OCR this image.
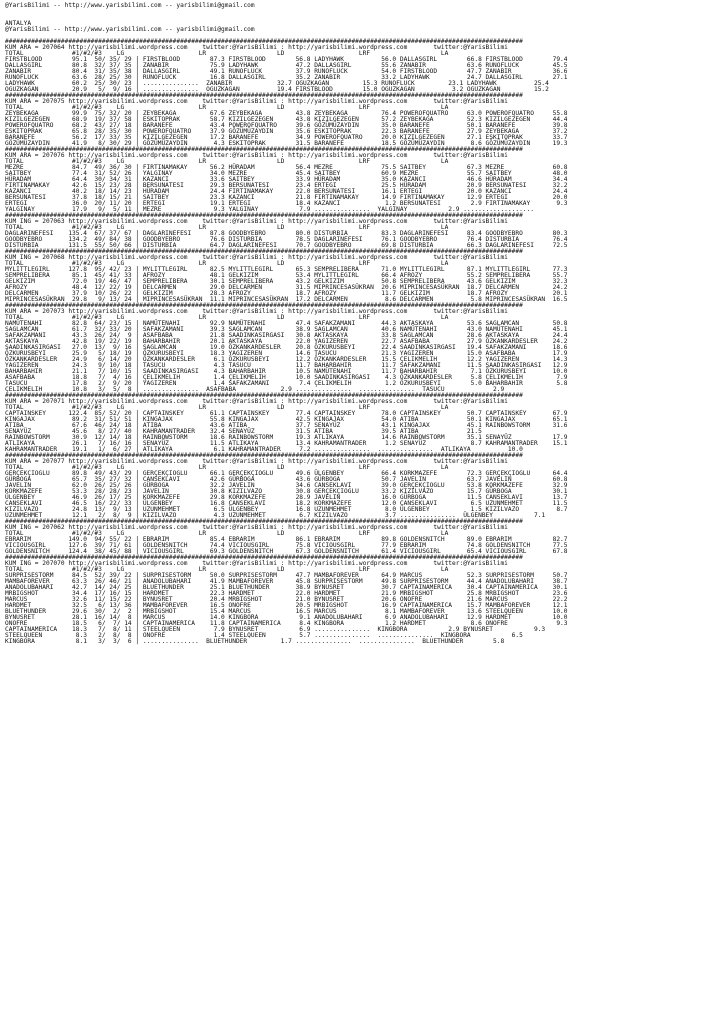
@YarisBilimi -- http://www.yarisbilimi.com -- yarisbilimi@gmail.com

ANTALYA
@YarisBilimi -- http://www.yarisbilimi.com -- yarisbilimi@gmail.com

###########################################################################################################################################
KUM ARA = 207064 http://yarisbilimi.wordpress.com    twitter:@YarisBilimi : http://yarisbilimi.wordpress.com       twitter:@YarisBilimi
TOTAL             #1/#2/#3    LG                    LR                   LD                    LRF                   LA
FIRSTBLOOD        95.1  50/ 35/ 29 | FIRSTBLOOD        87.3 FIRSTBLOOD        56.8 LADYHAWK          56.0 DALLASGIRL        66.8 FIRSTBLOOD        79.4
DALLASGIRL        80.8  32/ 37/ 35 | ZANABIR           75.9 LADYHAWK          47.2 DALLASGIRL        55.6 ZANABIR           63.6 RUNOFLUCK         45.5
ZANABIR           80.4  31/ 35/ 38 | DALLASGIRL        49.1 RUNOFLUCK         37.9 RUNOFLUCK         54.0 FIRSTBLOOD        47.7 ZANABIR           36.6
RUNOFLUCK         63.6  28/ 25/ 30 | RUNOFLUCK         16.8 DALLASGIRL        35.2 ZANABIR           33.2 LADYHAWK          24.7 DALLASGIRL        27.1
LADYHAWK          60.2  25/ 30/ 23 | ...............  ZANABIR            32.7 OGUZKAGAN         15.3 RUNOFLUCK         23.1 LADYHAWK          25.4
OGUZKAGAN         20.9   5/  9/ 16 | ...............  OGUZKAGAN          19.4 FIRSTBLOOD        15.0 OGUZKAGAN          3.2 OGUZKAGAN         15.2
###########################################################################################################################################
KUM ARA = 207075 http://yarisbilimi.wordpress.com    twitter:@YarisBilimi : http://yarisbilimi.wordpress.com       twitter:@YarisBilimi
TOTAL             #1/#2/#3    LG                    LR                   LD                    LRF                   LA
ZEYBEKAGA         99.9  75/ 32/ 20 | ZEYBEKAGA         67.6 ZEYBEKAGA         43.8 ZEYBEKAGA         76.4 POWEROFQUATRO     63.0 POWEROFQUATRO     55.8
KIZILGEZEGEN      68.9  19/ 37/ 58 | ESKITOPRAK        58.7 KIZILGEZEGEN      43.8 KIZILGEZEGEN      57.2 ZEYBEKAGA         52.3 KIZILGEZEGEN      44.4
POWEROFQUATRO     68.2  43/ 27/ 18 | BARANEFE          43.4 POWEROFQUATRO     39.6 GÖZÜMÜZAYDIN      35.0 BARANEFE          50.1 BARANEFE          39.8
ESKITOPRAK        65.8  28/ 35/ 30 | POWEROFQUATRO     37.9 GÖZÜMÜZAYDIN      35.6 ESKITOPRAK        22.3 BARANEFE          27.9 ZEYBEKAGA         37.2
BARANEFE          56.2  17/ 33/ 35 | KIZILGEZEGEN      17.2 BARANEFE          34.9 POWEROFQUATRO     20.0 KIZILGEZEGEN      27.1 ESKITOPRAK        33.7
GÖZÜMÜZAYDIN      41.9   8/ 30/ 29 | GÖZÜMÜZAYDIN       4.3 ESKITOPRAK        31.5 BARANEFE          18.5 GÖZÜMÜZAYDIN       8.6 GÖZÜMÜZAYDIN      19.3
###########################################################################################################################################
KUM ARA = 207076 http://yarisbilimi.wordpress.com    twitter:@YarisBilimi : http://yarisbilimi.wordpress.com       twitter:@YarisBilimi
TOTAL             #1/#2/#3    LG                    LR                   LD                    LRF                   LA
MEZRE             84.7  49/ 36/ 30 | FIRTINAMAKAY      56.2 HÜRADAM           56.4 MEZRE             75.5 SAITBEY           67.3 MEZRE             60.8
SAITBEY           77.4  31/ 52/ 26 | YALGINAY          34.0 MEZRE             45.4 SAITBEY           60.9 MEZRE             55.7 SAITBEY           48.0
HÜRADAM           64.4  30/ 34/ 31 | KAZANCI           33.6 SAITBEY           33.9 HÜRADAM           35.0 KAZANCI           46.6 HÜRADAM           34.4
FIRTINAMAKAY      42.6  15/ 23/ 28 | BERSUNATESI       29.3 BERSUNATESI       23.4 ERTEGI            25.5 HÜRADAM           20.9 BERSUNATESI       32.2
KAZANCI           40.2  18/ 14/ 23 | HÜRADAM           24.4 FIRTINAMAKAY      22.0 BERSUNATESI       16.1 ERTEGI            20.0 KAZANCI           24.4
BERSUNATESI       37.8  18/ 15/ 21 | SAITBEY           23.3 KAZANCI           21.8 FIRTINAMAKAY      14.9 FIRTINAMAKAY      12.9 ERTEGI            20.0
ERTEGI            36.0  20/ 11/ 20 | ERTEGI            19.1 ERTEGI            18.4 KAZANCI            1.2 BERSUNATESI        2.9 FIRTINAMAKAY       9.3
YALGINAY          17.9   9/  5/ 11 | MEZRE              9.3 YALGINAY           7.9 ...............  YALGINAY           2.9 ...................
###########################################################################################################################################
KUM ING = 207063 http://yarisbilimi.wordpress.com    twitter:@YarisBilimi : http://yarisbilimi.wordpress.com       twitter:@YarisBilimi
TOTAL             #1/#2/#3    LG                    LR                   LD                    LRF                   LA
DAGLARINEFESI    135.4  67/ 37/ 67 | DAGLARINEFESI     87.8 GOODBYEBRO        80.0 DISTURBIA         83.3 DAGLARINEFESI     83.4 GOODBYEBRO        80.3
GOODBYEBRO       134.2  49/ 84/ 38 | GOODBYEBRO        76.6 DISTURBIA         78.5 DAGLARINEFESI     76.1 GOODBYEBRO        76.4 DISTURBIA         76.4
DISTURBIA        131.5  55/ 50/ 66 | DISTURBIA         64.7 DAGLARINEFESI     70.7 GOODBYEBRO        69.8 DISTURBIA         66.3 DAGLARINEFESI     72.5
###########################################################################################################################################
KUM ING = 207068 http://yarisbilimi.wordpress.com    twitter:@YarisBilimi : http://yarisbilimi.wordpress.com       twitter:@YarisBilimi
TOTAL             #1/#2/#3    LG                    LR                   LD                    LRF                   LA
MYLITTLEGIRL     127.8  95/ 42/ 23 | MYLITTLEGIRL      82.5 MYLITTLEGIRL      65.3 SEMPRELIBERA      71.0 MYLITTLEGIRL      87.1 MYLITTLEGIRL      77.3
SEMPRELIBERA      85.1  45/ 41/ 33 | AFROZY            48.1 GELKIZIM          53.4 MYLITTLEGIRL      66.4 AFROZY            55.2 SEMPRELIBERA      55.7
GELKIZIM          72.0  19/ 46/ 47 | SEMPRELIBERA      30.1 SEMPRELIBERA      43.2 GELKIZIM          50.8 SEMPRELIBERA      43.6 GELKIZIM          32.3
AFROZY            48.4  12/ 22/ 19 | DELCARMEN         29.0 DELCARMEN         31.5 MIPRINCESASÜKRAN  20.6 MIPRINCESASÜKRAN  18.7 DELCARMEN         24.2
DELCARMEN         37.9  10/ 26/ 22 | GELKIZIM          28.3 AFROZY            18.7 AFROZY            11.7 GELKIZIM          18.7 AFROZY            20.1
MIPRINCESASÜKRAN  29.8   9/ 13/ 24 | MIPRINCESASÜKRAN  11.1 MIPRINCESASÜKRAN  17.2 DELCARMEN          8.6 DELCARMEN          5.8 MIPRINCESASÜKRAN  16.5
###########################################################################################################################################
KUM ARA = 207073 http://yarisbilimi.wordpress.com    twitter:@YarisBilimi : http://yarisbilimi.wordpress.com       twitter:@YarisBilimi
TOTAL             #1/#2/#3    LG                    LR                   LD                    LRF                   LA
NAMÜTENAHI        82.8  64/ 23/ 15 | NAMÜTENAHI        92.9 NAMÜTENAHI        47.4 SAFAKZAMANI       44.3 AKTASKAYA         53.6 SAGLAMCAN         50.8
SAGLAMCAN         61.7  32/ 33/ 20 | SAFAKZAMANI       39.3 SAGLAMCAN         38.9 SAGLAMCAN         40.6 NAMÜTENAHI        43.0 NAMÜTENAHI        45.1
SAFAKZAMANI       43.3  26/ 24/  9 | ASAFBABA          21.8 SAADINKASIRGASI   30.8 AKTASKAYA         33.8 SAGLAMCAN         28.6 AKTASKAYA         24.4
AKTASKAYA         42.8  19/ 22/ 19 | BAHARBAHIR        20.1 AKTASKAYA         22.0 YAGIZEREN         22.7 ASAFBABA          27.9 ÖZKANKARDESLER    24.2
SAADINKASIRGASI   27.0  13/  9/ 16 | SAGLAMCAN         19.0 ÖZKANKARDESLER    20.8 ÖZKURUSBEYI       22.4 SAADINKASIRGASI   19.4 SAFAKZAMANI       18.6
ÖZKURUSBEYI       25.9   5/ 18/ 19 | ÖZKURUSBEYI       18.3 YAGIZEREN         14.6 TASUCU            21.3 YAGIZEREN         15.0 ASAFBABA          17.9
ÖZKANKARDESLER    24.9   6/ 14/ 20 | ÖZKANKARDESLER     6.1 ÖZKURUSBEYI       12.2 ÖZKANKARDESLER    15.5 ÇELIKMELIH        12.2 YAGIZEREN         14.3
YAGIZEREN         24.3   9/ 10/ 18 | TASUCU             4.3 TASUCU            11.7 BAHARBAHIR        11.7 SAFAKZAMANI       11.5 SAADINKASIRGASI   12.9
BAHARBAHIR        21.1   7/ 10/ 15 | SAADINKASIRGASI    4.3 BAHARBAHIR        10.5 NAMÜTENAHI        11.7 BAHARBAHIR         7.1 ÖZKURUSBEYI       10.0
ASAFBABA          18.8   7/  4/ 16 | ÇELIKMELIH         1.4 ÇELIKMELIH        10.0 SAADINKASIRGASI    4.3 ÖZKANKARDESLER     5.8 ÇELIKMELIH         7.9
TASUCU            17.8   2/  9/ 20 | YAGIZEREN          1.4 SAFAKZAMANI        7.4 ÇELIKMELIH         1.2 ÖZKURUSBEYI        5.0 BAHARBAHIR         5.8
ÇELIKMELIH        10.8   3/  5/  8 | ...............  ASAFBABA            2.9 ...............  ...............  TASUCU             2.9
###########################################################################################################################################
KUM ARA = 207071 http://yarisbilimi.wordpress.com    twitter:@YarisBilimi : http://yarisbilimi.wordpress.com       twitter:@YarisBilimi
TOTAL             #1/#2/#3    LG                    LR                   LD                    LRF                   LA
CAPTAINSKEY      122.4  85/ 52/ 20 | CAPTAINSKEY       61.1 CAPTAINSKEY       77.4 CAPTAINSKEY       78.0 CAPTAINSKEY       50.7 CAPTAINSKEY       67.9
KINGAJAX          89.2  31/ 51/ 51 | KINGAJAX          55.8 KINGAJAX          42.5 KINGAJAX          54.0 ATIBA             50.1 KINGAJAX          65.1
ATIBA             67.6  46/ 24/ 18 | ATIBA             43.6 ATIBA             37.7 SENAYÜZ           43.1 KINGAJAX          45.1 RAINBOWSTORM      31.6
SENAYÜZ           45.6   8/ 27/ 40 | KAHRAMANTRADER    32.4 SENAYÜZ           31.5 ATIBA             39.5 ATIBA             21.5
RAINBOWSTORM      30.9  12/ 14/ 18 | RAINBOWSTORM      18.6 RAINBOWSTORM      19.3 ATLIKAYA          14.6 RAINBOWSTORM      35.1 SENAYÜZ           17.9
ATLIKAYA          26.1   7/ 16/ 16 | SENAYÜZ           11.5 ATLIKAYA          13.4 KAHRAMANTRADER     1.2 SENAYÜZ            8.7 KAHRAMANTRADER    15.1
KAHRAMANTRADER    19.1   1/  6/ 27 | ATLIKAYA           6.1 KAHRAMANTRADER     7.2 ...............  ...............  ATLIKAYA          10.0
###########################################################################################################################################
KUM ARA = 207077 http://yarisbilimi.wordpress.com    twitter:@YarisBilimi : http://yarisbilimi.wordpress.com       twitter:@YarisBilimi
TOTAL             #1/#2/#3    LG                    LR                   LD                    LRF                   LA
GERÇEKÇIOGLU      89.8  49/ 43/ 29 | GERÇEKÇIOGLU      66.1 GERÇEKÇIOGLU      49.6 ÜLGENBEY          66.4 KORKMAZEFE        72.3 GERÇEKÇIOGLU      64.4
GÜRBOGA           65.7  35/ 27/ 32 | CANSEKLAVI        42.6 GÜRBOGA           43.6 GÜRBOGA           50.7 JAVELIN           63.7 JAVELIN           60.8
JAVELIN           62.0  26/ 25/ 26 | GÜRBOGA           32.2 JAVELIN           34.6 CANSEKLAVI        39.0 GERÇEKÇIOGLU      53.8 KORKMAZEFE        32.9
KORKMAZEFE        53.3  28/ 28/ 23 | JAVELIN           30.8 KIZILVAZO         30.8 GERÇEKÇIOGLU      33.2 KIZILVAZO         15.7 GÜRBOGA           30.1
ÜLGENBEY          46.9  26/ 17/ 25 | KORKMAZEFE        29.8 KORKMAZEFE        28.9 JAVELIN           16.0 GÜRBOGA           11.5 CANSEKLAVI        13.7
CANSEKLAVI        46.5  16/ 22/ 33 | ÜLGENBEY          16.8 CANSEKLAVI        18.2 KORKMAZEFE        12.0 CANSEKLAVI         6.5 UZUNMEHMET        11.5
KIZILVAZO         24.8  13/  9/ 13 | UZUNMEHMET         6.5 ÜLGENBEY          16.8 UZUNMEHMET         8.0 ÜLGENBEY           1.5 KIZILVAZO          8.7
UZUNMEHMET        12.1   2/  8/  9 | KIZILVAZO          4.3 UZUNMEHMET         6.7 KIZILVAZO          3.7 ...............  ÜLGENBEY           7.1
###########################################################################################################################################
KUM ING = 207062 http://yarisbilimi.wordpress.com    twitter:@YarisBilimi : http://yarisbilimi.wordpress.com       twitter:@YarisBilimi
TOTAL             #1/#2/#3    LG                    LR                   LD                    LRF                   LA
EBRARIM          149.0  94/ 55/ 22 | EBRARIM           85.4 EBRARIM           86.1 EBRARIM           89.8 GOLDENSNITCH      89.0 EBRARIM           82.7
VICIOUSGIRL      127.6  39/ 71/ 61 | GOLDENSNITCH      74.4 VICIOUSGIRL       75.8 VICIOUSGIRL       77.9 EBRARIM           74.8 GOLDENSNITCH      77.5
GOLDENSNITCH     124.4  38/ 45/ 88 | VICIOUSGIRL       69.3 GOLDENSNITCH      67.3 GOLDENSNITCH      61.4 VICIOUSGIRL       65.4 VICIOUSGIRL       67.8
###########################################################################################################################################
KUM ING = 207070 http://yarisbilimi.wordpress.com    twitter:@YarisBilimi : http://yarisbilimi.wordpress.com       twitter:@YarisBilimi
TOTAL             #1/#2/#3    LG                    LR                   LD                    LRF                   LA
SURPRISESTORM     84.5  52/ 39/ 22 | SURPRISESTORM     50.0 SURPRISESTORM     47.7 MAMBAFOREVER      64.9 MARCUS            52.3 SURPRISESTORM     50.7
MAMBAFOREVER      63.3  26/ 46/ 21 | ANADOLUBAHARI     41.9 MAMBAFOREVER      45.8 SURPRISESTORM     49.8 SURPRISESTORM     44.4 ANADOLUBAHARI     38.7
ANADOLUBAHARI     42.7  14/ 24/ 25 | BLUETHUNDER       25.1 BLUETHUNDER       38.9 BYNUSRET          30.7 CAPTAINAMERICA    30.4 CAPTAINAMERICA    30.1
MRBIGSHOT         34.4  17/ 16/ 15 | HARDMET           22.3 HARDMET           22.0 HARDMET           21.9 MRBIGSHOT         25.8 MRBIGSHOT         23.6
MARCUS            32.6  11/ 15/ 22 | BYNUSRET          20.4 MRBIGSHOT         21.0 BYNUSRET          20.6 ONOFRE            21.6 MARCUS            22.2
HARDMET           32.5   6/ 13/ 36 | MAMBAFOREVER      16.5 ONOFRE            20.5 MRBIGSHOT         16.9 CAPTAINAMERICA    15.7 MAMBAFOREVER      12.1
BLUETHUNDER       29.6  30/  2/  2 | MRBIGSHOT         15.4 MARCUS            16.5 MARCUS             8.1 MAMBAFOREVER      13.6 STEELQUEEN        10.0
BYNUSRET          28.1  16/ 14/  8 | MARCUS            14.0 KINGBORA           9.1 ANADOLUBAHARI      6.9 ANADOLUBAHARI     12.9 HARDMET           10.0
ONOFRE            18.5   6/  7/ 14 | CAPTAINAMERICA    11.8 CAPTAINAMERICA     8.4 KINGBORA           1.2 HARDMET            8.6 ONOFRE             9.3
CAPTAINAMERICA    18.3   7/  8/ 11 | STEELQUEEN         7.9 BYNUSRET           6.9 ...............  KINGBORA           2.9 BYNUSRET           9.3
STEELQUEEN         8.3   2/  8/  8 | ONOFRE             1.4 STEELQUEEN         5.7 ...............  ...............  KINGBORA           6.5
KINGBORA           8.1   3/  3/  6 | ...............  BLUETHUNDER         1.7 ...............  ...............  BLUETHUNDER        5.8
